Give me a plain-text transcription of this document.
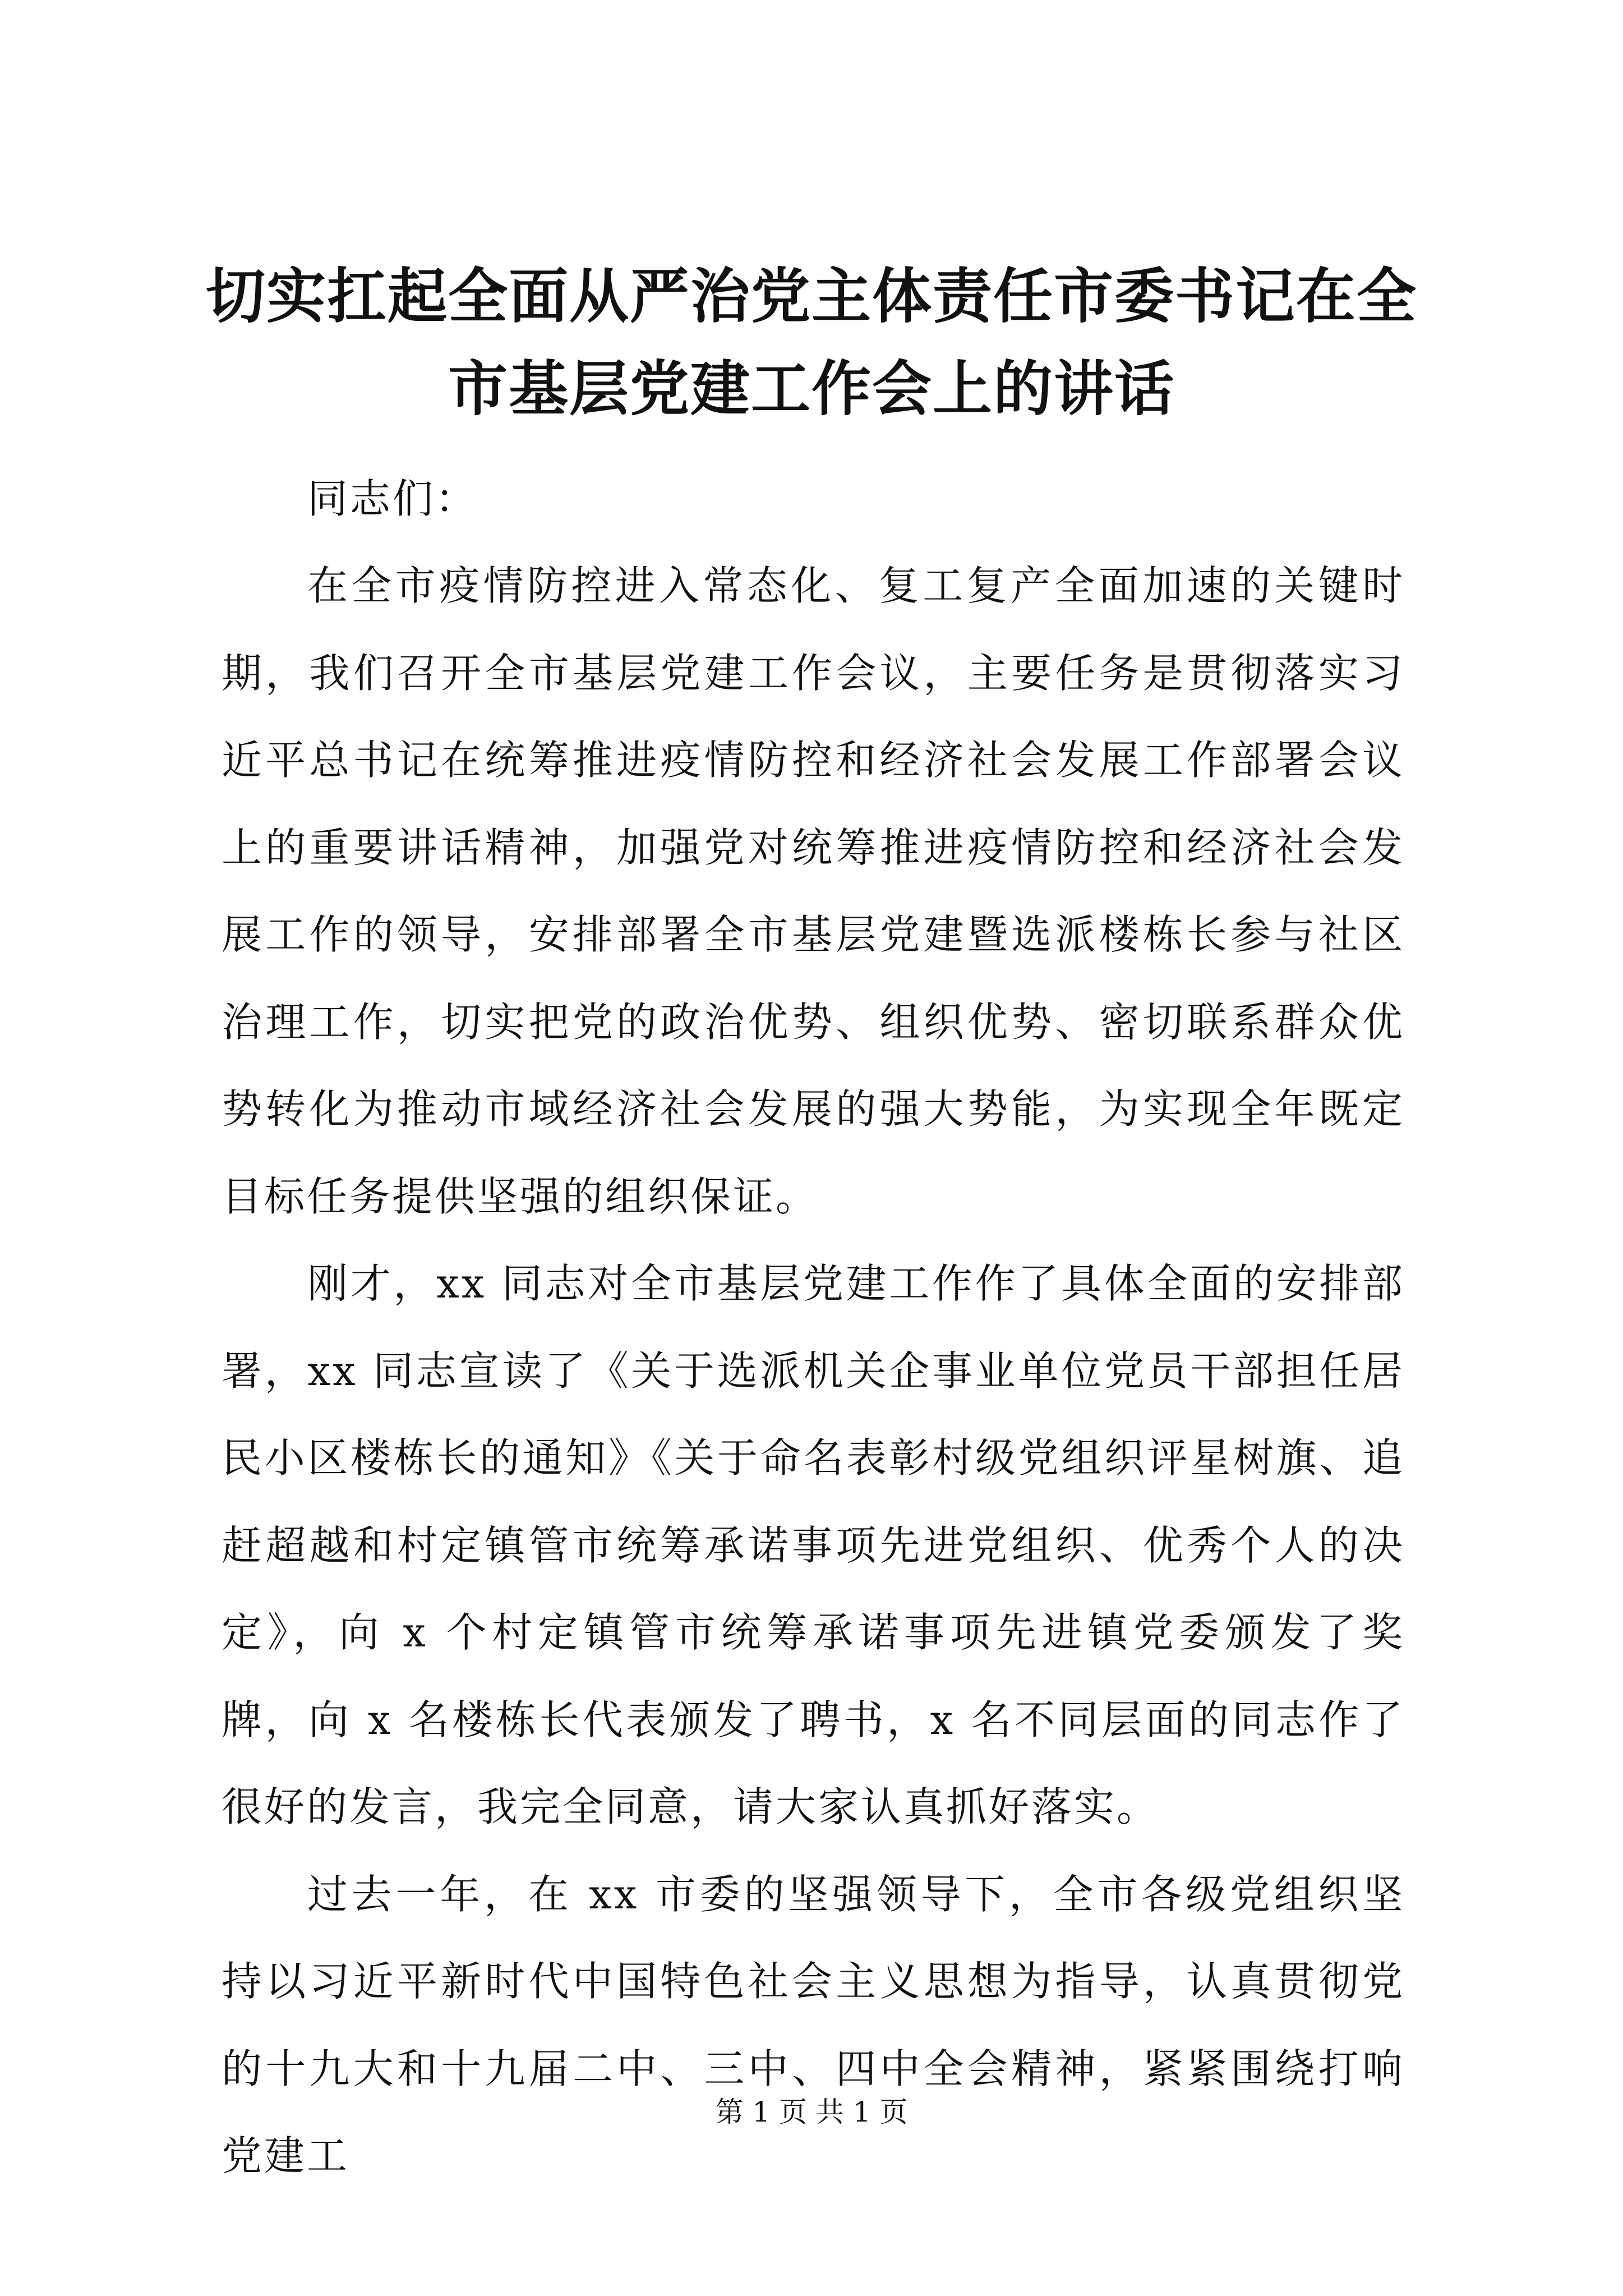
切实扛起全面从严治党主体责任市委书记在全市基层党建工作会上的讲话

同志们：

在全市疫情防控进入常态化、复工复产全面加速的关键时期，我们召开全市基层党建工作会议，主要任务是贯彻落实习近平总书记在统筹推进疫情防控和经济社会发展工作部署会议上的重要讲话精神，加强党对统筹推进疫情防控和经济社会发展工作的领导，安排部署全市基层党建暨选派楼栋长参与社区治理工作，切实把党的政治优势、组织优势、密切联系群众优势转化为推动市域经济社会发展的强大势能，为实现全年既定目标任务提供坚强的组织保证。

刚才，xx 同志对全市基层党建工作作了具体全面的安排部署，xx 同志宣读了《关于选派机关企事业单位党员干部担任居民小区楼栋长的通知》《关于命名表彰村级党组织评星树旗、追赶超越和村定镇管市统筹承诺事项先进党组织、优秀个人的决定》，向 x 个村定镇管市统筹承诺事项先进镇党委颁发了奖牌，向 x 名楼栋长代表颁发了聘书，x 名不同层面的同志作了很好的发言，我完全同意，请大家认真抓好落实。

过去一年，在 xx 市委的坚强领导下，全市各级党组织坚持以习近平新时代中国特色社会主义思想为指导，认真贯彻党的十九大和十九届二中、三中、四中全会精神，紧紧围绕打响党建工

第 1 页 共 1 页
